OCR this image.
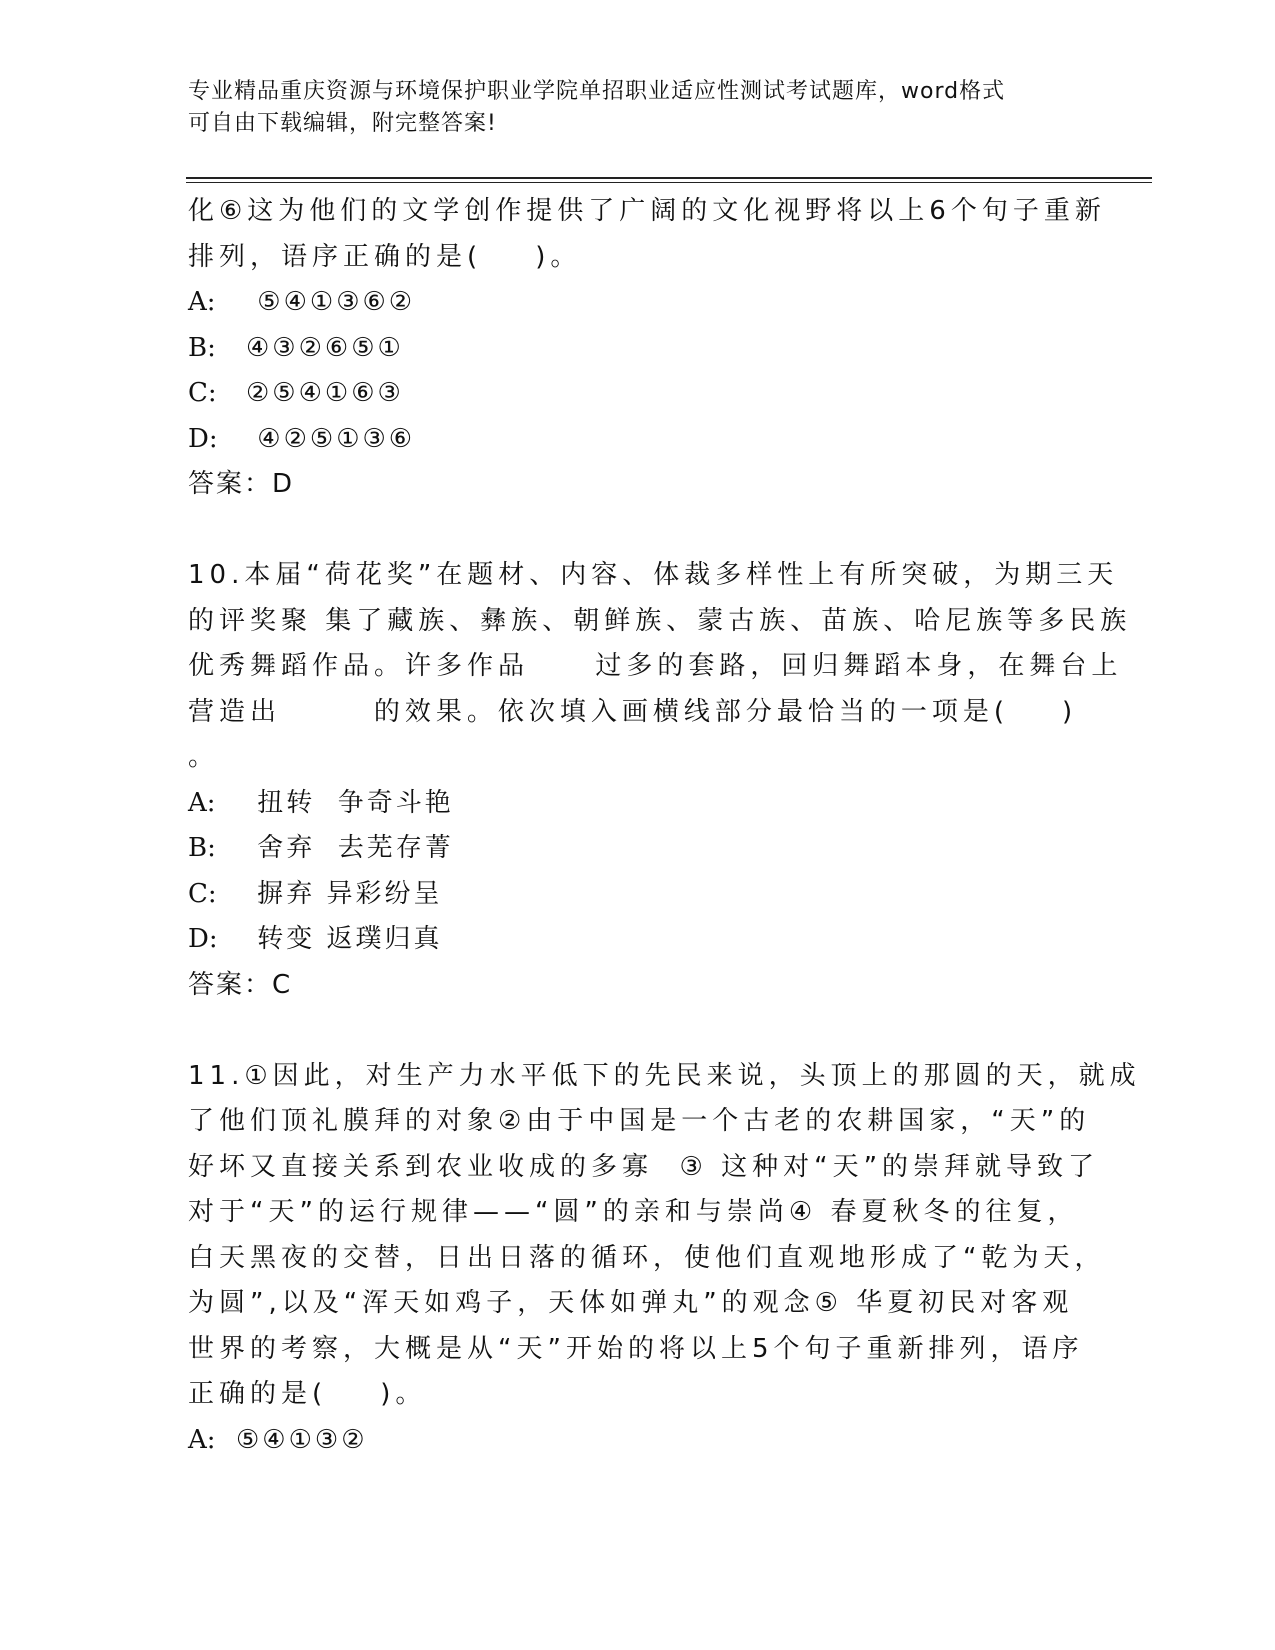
专业精品重庆资源与环境保护职业学院单招职业适应性测试考试题库，word格式
可自由下载编辑，附完整答案!
化⑥这为他们的文学创作提供了广阔的文化视野将以上6个句子重新
排列，语序正确的是(    )。
A: ⑤④①③⑥②
B: ④③②⑥⑤①
C: ②⑤④①⑥③
D: ④②⑤①③⑥
答案：D
10.本届“荷花奖”在题材、内容、体裁多样性上有所突破，为期三天
的评奖聚 集了藏族、彝族、朝鲜族、蒙古族、苗族、哈尼族等多民族
优秀舞蹈作品。许多作品     过多的套路，回归舞蹈本身，在舞台上
营造出       的效果。依次填入画横线部分最恰当的一项是(    )
。
A: 扭转  争奇斗艳
B: 舍弃  去芜存菁
C: 摒弃 异彩纷呈
D: 转变 返璞归真
答案：C
11.①因此，对生产力水平低下的先民来说，头顶上的那圆的天，就成
了他们顶礼膜拜的对象②由于中国是一个古老的农耕国家，“天”的
好坏又直接关系到农业收成的多寡  ③ 这种对“天”的崇拜就导致了
对于“天”的运行规律——“圆”的亲和与崇尚④ 春夏秋冬的往复，
白天黑夜的交替，日出日落的循环，使他们直观地形成了“乾为天，
为圆”,以及“浑天如鸡子，天体如弹丸”的观念⑤ 华夏初民对客观
世界的考察，大概是从“天”开始的将以上5个句子重新排列，语序
正确的是(    )。
A: ⑤④①③②
